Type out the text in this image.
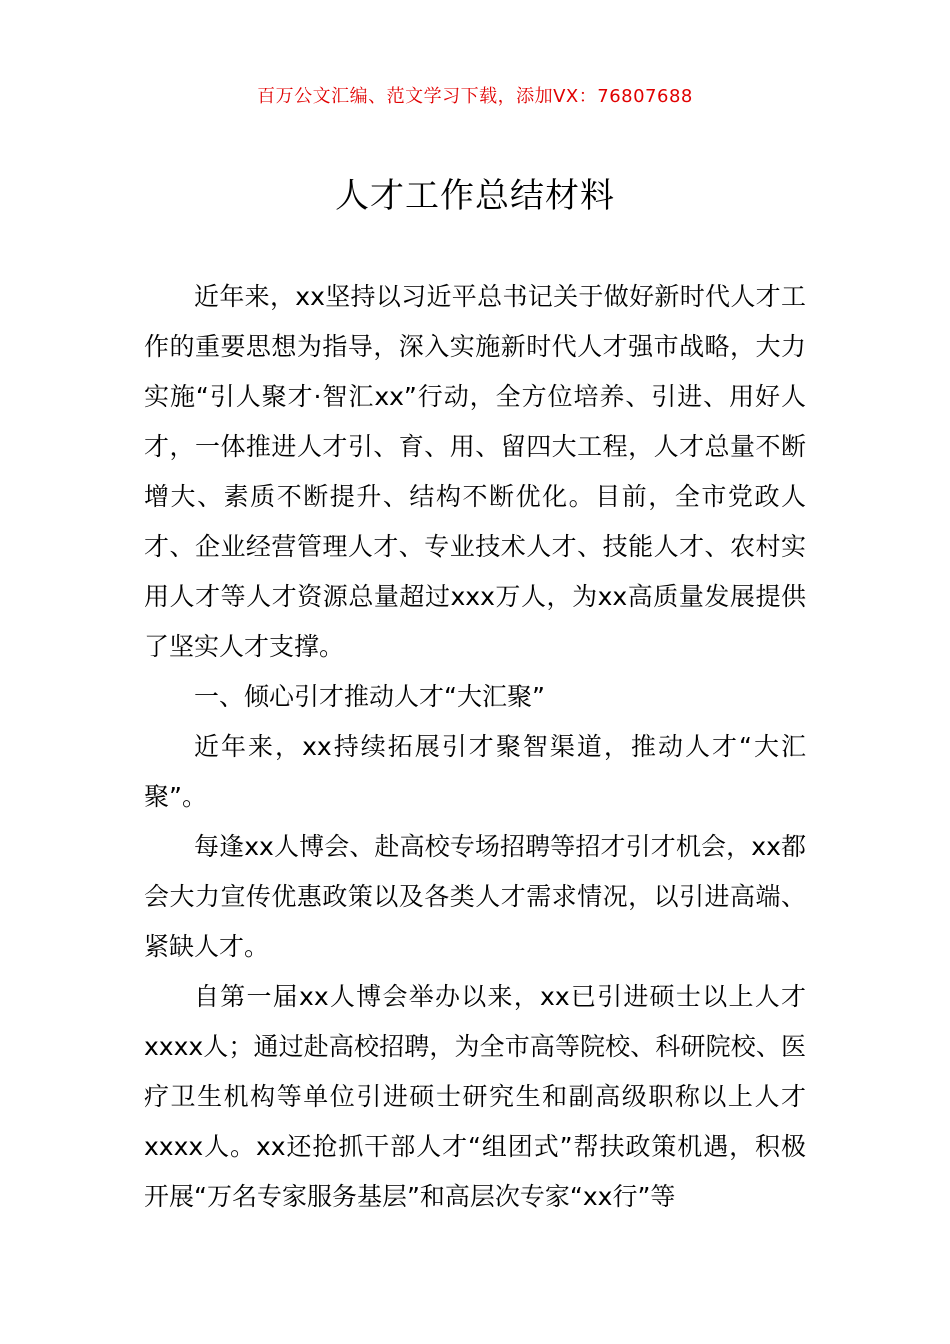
百万公文汇编、范文学习下载，添加VX：76807688
人才工作总结材料

近年来，xx坚持以习近平总书记关于做好新时代人才工作的重要思想为指导，深入实施新时代人才强市战略，大力实施“引人聚才·智汇xx”行动，全方位培养、引进、用好人才，一体推进人才引、育、用、留四大工程，人才总量不断增大、素质不断提升、结构不断优化。目前，全市党政人才、企业经营管理人才、专业技术人才、技能人才、农村实用人才等人才资源总量超过xxx万人，为xx高质量发展提供了坚实人才支撑。

一、倾心引才推动人才“大汇聚”

近年来，xx持续拓展引才聚智渠道，推动人才“大汇聚”。

每逢xx人博会、赴高校专场招聘等招才引才机会，xx都会大力宣传优惠政策以及各类人才需求情况，以引进高端、紧缺人才。

自第一届xx人博会举办以来，xx已引进硕士以上人才xxxx人；通过赴高校招聘，为全市高等院校、科研院校、医疗卫生机构等单位引进硕士研究生和副高级职称以上人才xxxx人。xx还抢抓干部人才“组团式”帮扶政策机遇，积极开展“万名专家服务基层”和高层次专家“xx行”等
